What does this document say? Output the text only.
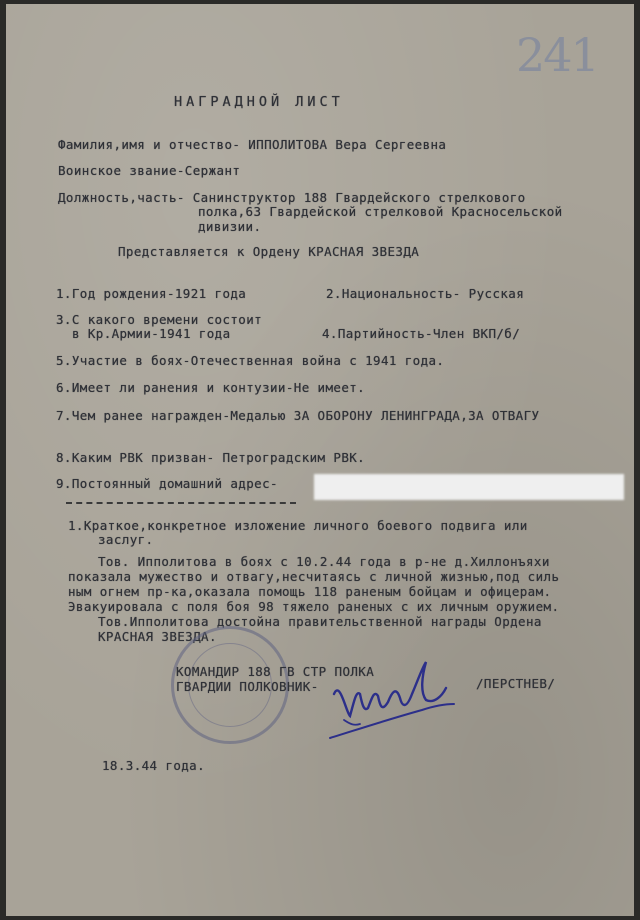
241
НАГРАДНОЙ ЛИСТ
Фамилия,имя и отчество- ИППОЛИТОВА Вера Сергеевна
Воинское звание-Сержант
Должность,часть- Санинструктор 188 Гвардейского стрелкового
полка,63 Гвардейской стрелковой Красносельской
дивизии.
Представляется к Ордену КРАСНАЯ ЗВЕЗДА
1.Год рождения-1921 года	2.Национальность- Русская
3.С какого времени состоит
в Кр.Армии-1941 года	4.Партийность-Член ВКП/б/
5.Участие в боях-Отечественная война с 1941 года.
6.Имеет ли ранения и контузии-Не имеет.
7.Чем ранее награжден-Медалью ЗА ОБОРОНУ ЛЕНИНГРАДА,ЗА ОТВАГУ
8.Каким РВК призван- Петроградским РВК.
9.Постоянный домашний адрес-
1.Краткое,конкретное изложение личного боевого подвига или
заслуг.
Тов. Ипполитова в боях с 10.2.44 года в р-не д.Хиллонъяхи
показала мужество и отвагу,несчитаясь с личной жизнью,под силь
ным огнем пр-ка,оказала помощь 118 раненым бойцам и офицерам.
Эвакуировала с поля боя 98 тяжело раненых с их личным оружием.
Тов.Ипполитова достойна правительственной награды Ордена
КРАСНАЯ ЗВЕЗДА.
КОМАНДИР 188 ГВ СТР ПОЛКА
ГВАРДИИ ПОЛКОВНИК-	/ПЕРСТНЕВ/
18.3.44 года.
